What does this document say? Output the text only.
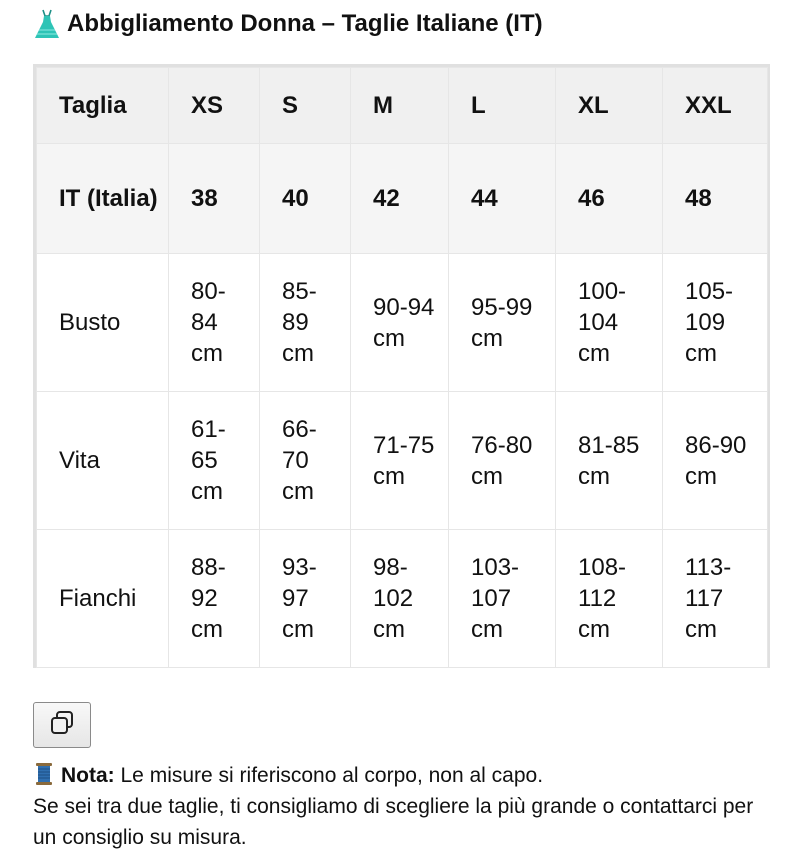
Abbigliamento Donna – Taglie Italiane (IT)
Taglia	XS	S	M	L	XL	XXL
IT (Italia)	38	40	42	44	46	48
Busto	80-84 cm	85-89 cm	90-94 cm	95-99 cm	100-104 cm	105-109 cm
Vita	61-65 cm	66-70 cm	71-75 cm	76-80 cm	81-85 cm	86-90 cm
Fianchi	88-92 cm	93-97 cm	98-102 cm	103-107 cm	108-112 cm	113-117 cm
Nota: Le misure si riferiscono al corpo, non al capo.
Se sei tra due taglie, ti consigliamo di scegliere la più grande o contattarci per un consiglio su misura.
